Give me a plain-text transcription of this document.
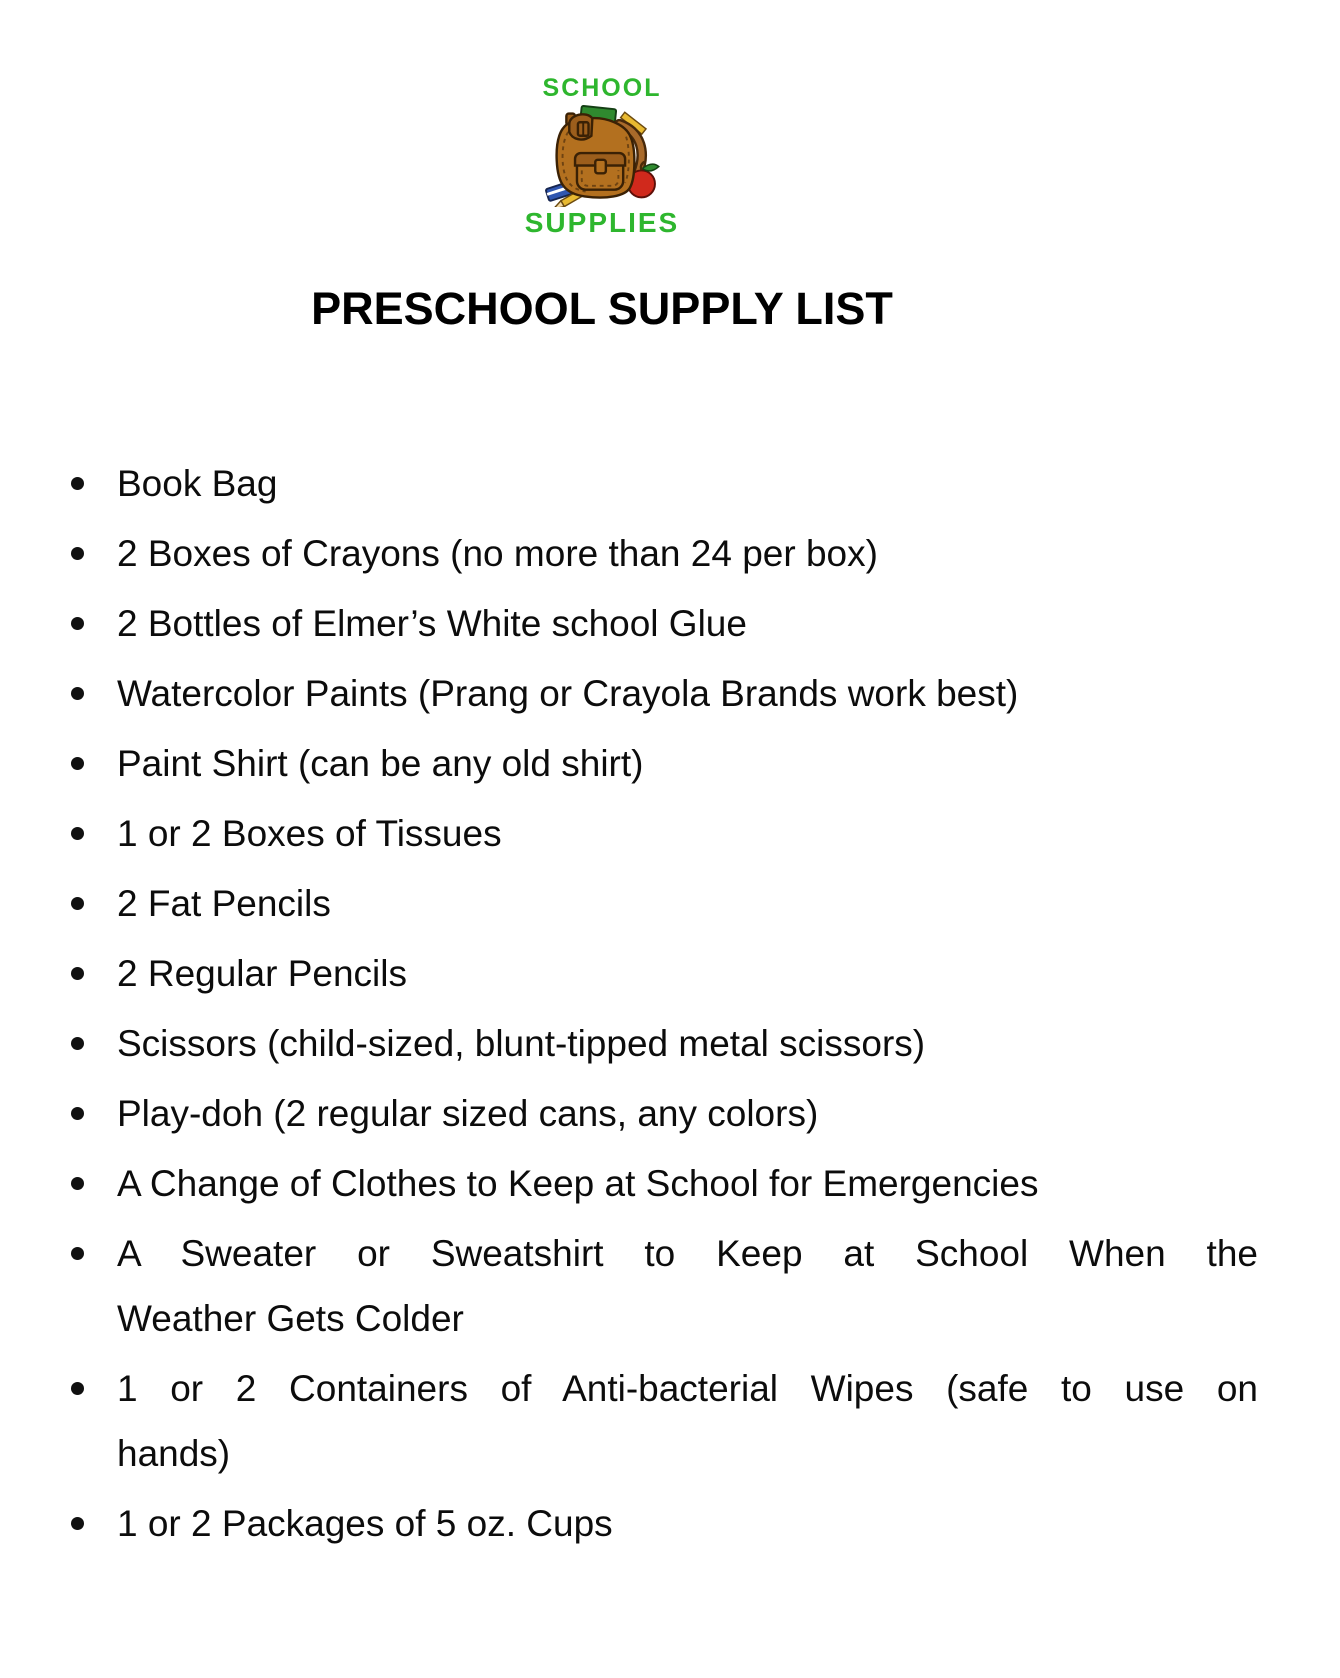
SCHOOL
SUPPLIES
PRESCHOOL SUPPLY LIST
Book Bag
2 Boxes of Crayons (no more than 24 per box)
2 Bottles of Elmer’s White school Glue
Watercolor Paints (Prang or Crayola Brands work best)
Paint Shirt (can be any old shirt)
1 or 2 Boxes of Tissues
2 Fat Pencils
2 Regular Pencils
Scissors (child-sized, blunt-tipped metal scissors)
Play-doh (2 regular sized cans, any colors)
A Change of Clothes to Keep at School for Emergencies
A Sweater or Sweatshirt to Keep at School When the
Weather Gets Colder
1 or 2 Containers of Anti-bacterial Wipes (safe to use on
hands)
1 or 2 Packages of 5 oz. Cups
